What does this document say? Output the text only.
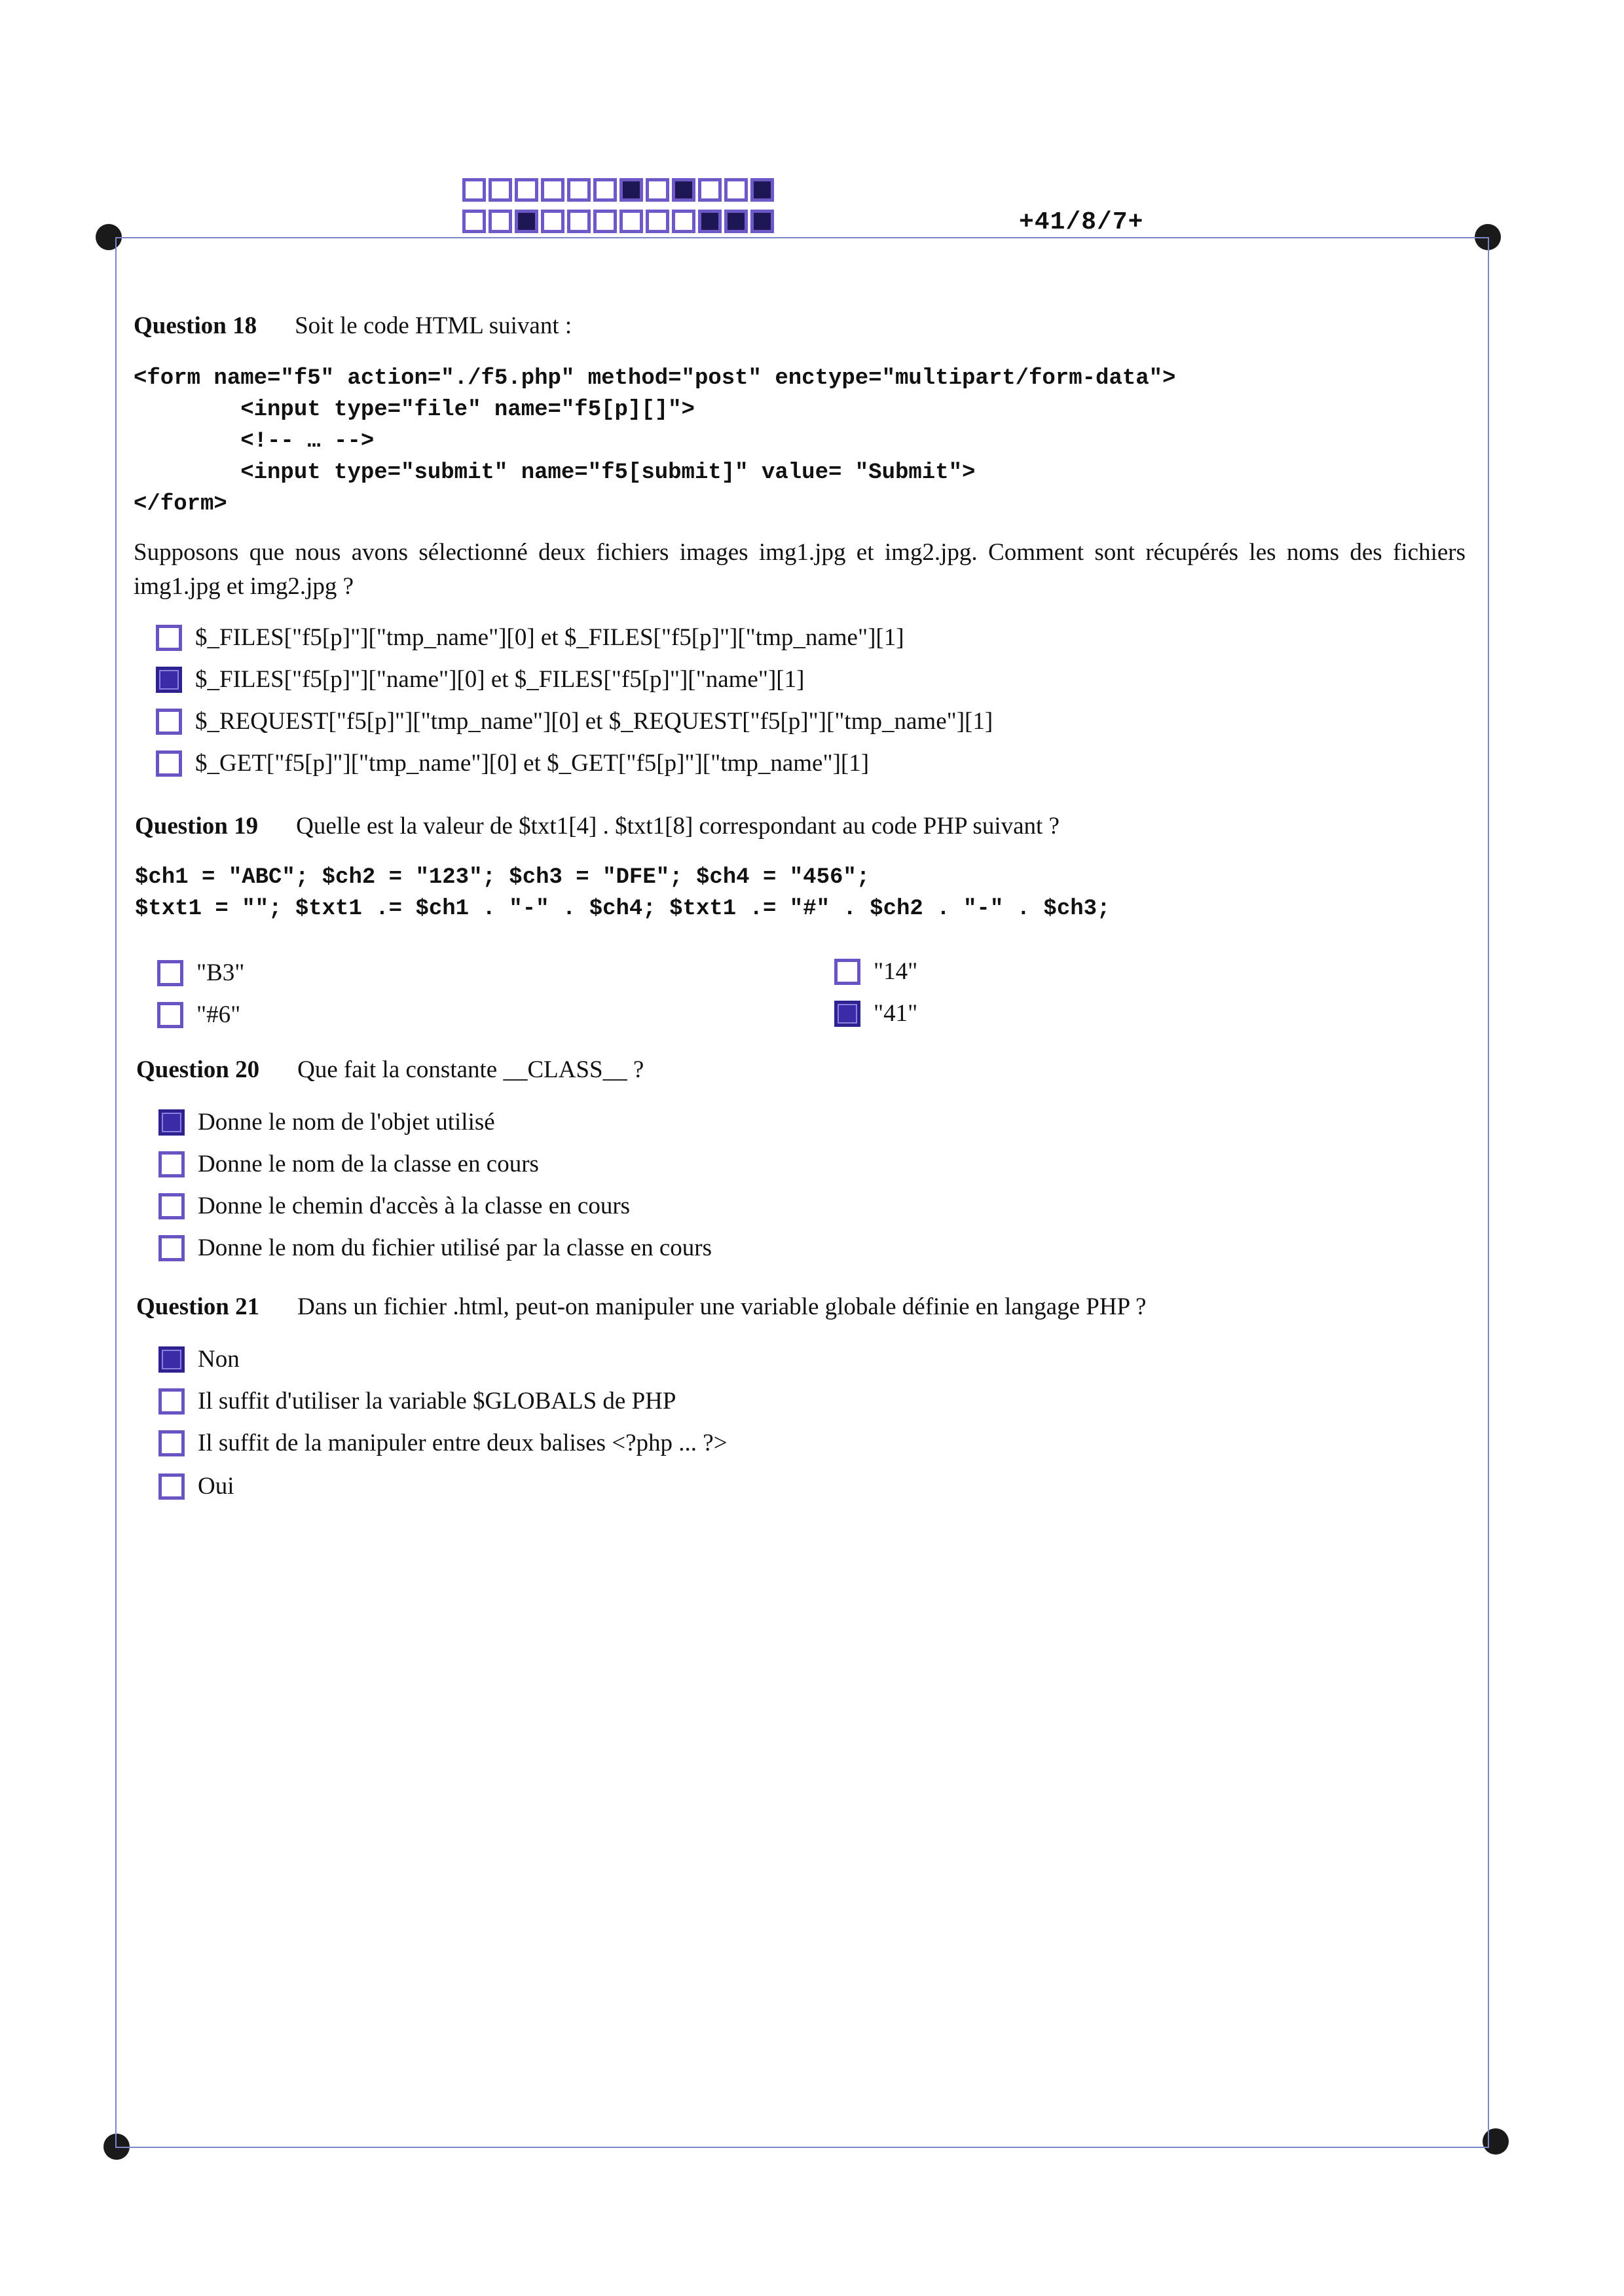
+41/8/7+
Question 18 Soit le code HTML suivant :
<form name="f5" action="./f5.php" method="post" enctype="multipart/form-data">
<input type="file" name="f5[p][]">
<!-- … -->
<input type="submit" name="f5[submit]" value= "Submit">
</form>
Supposons que nous avons sélectionné deux fichiers images img1.jpg et img2.jpg. Comment sont récupérés les noms des fichiers img1.jpg et img2.jpg ?
$_FILES["f5[p]"]["tmp_name"][0] et $_FILES["f5[p]"]["tmp_name"][1]
$_FILES["f5[p]"]["name"][0] et $_FILES["f5[p]"]["name"][1]
$_REQUEST["f5[p]"]["tmp_name"][0] et $_REQUEST["f5[p]"]["tmp_name"][1]
$_GET["f5[p]"]["tmp_name"][0] et $_GET["f5[p]"]["tmp_name"][1]
Question 19 Quelle est la valeur de $txt1[4] . $txt1[8] correspondant au code PHP suivant ?
$ch1 = "ABC"; $ch2 = "123"; $ch3 = "DFE"; $ch4 = "456";
$txt1 = ""; $txt1 .= $ch1 . "-" . $ch4; $txt1 .= "#" . $ch2 . "-" . $ch3;
"B3"	"14"
"#6"	"41"
Question 20 Que fait la constante __CLASS__ ?
Donne le nom de l'objet utilisé
Donne le nom de la classe en cours
Donne le chemin d'accès à la classe en cours
Donne le nom du fichier utilisé par la classe en cours
Question 21 Dans un fichier .html, peut-on manipuler une variable globale définie en langage PHP ?
Non
Il suffit d'utiliser la variable $GLOBALS de PHP
Il suffit de la manipuler entre deux balises <?php ... ?>
Oui
